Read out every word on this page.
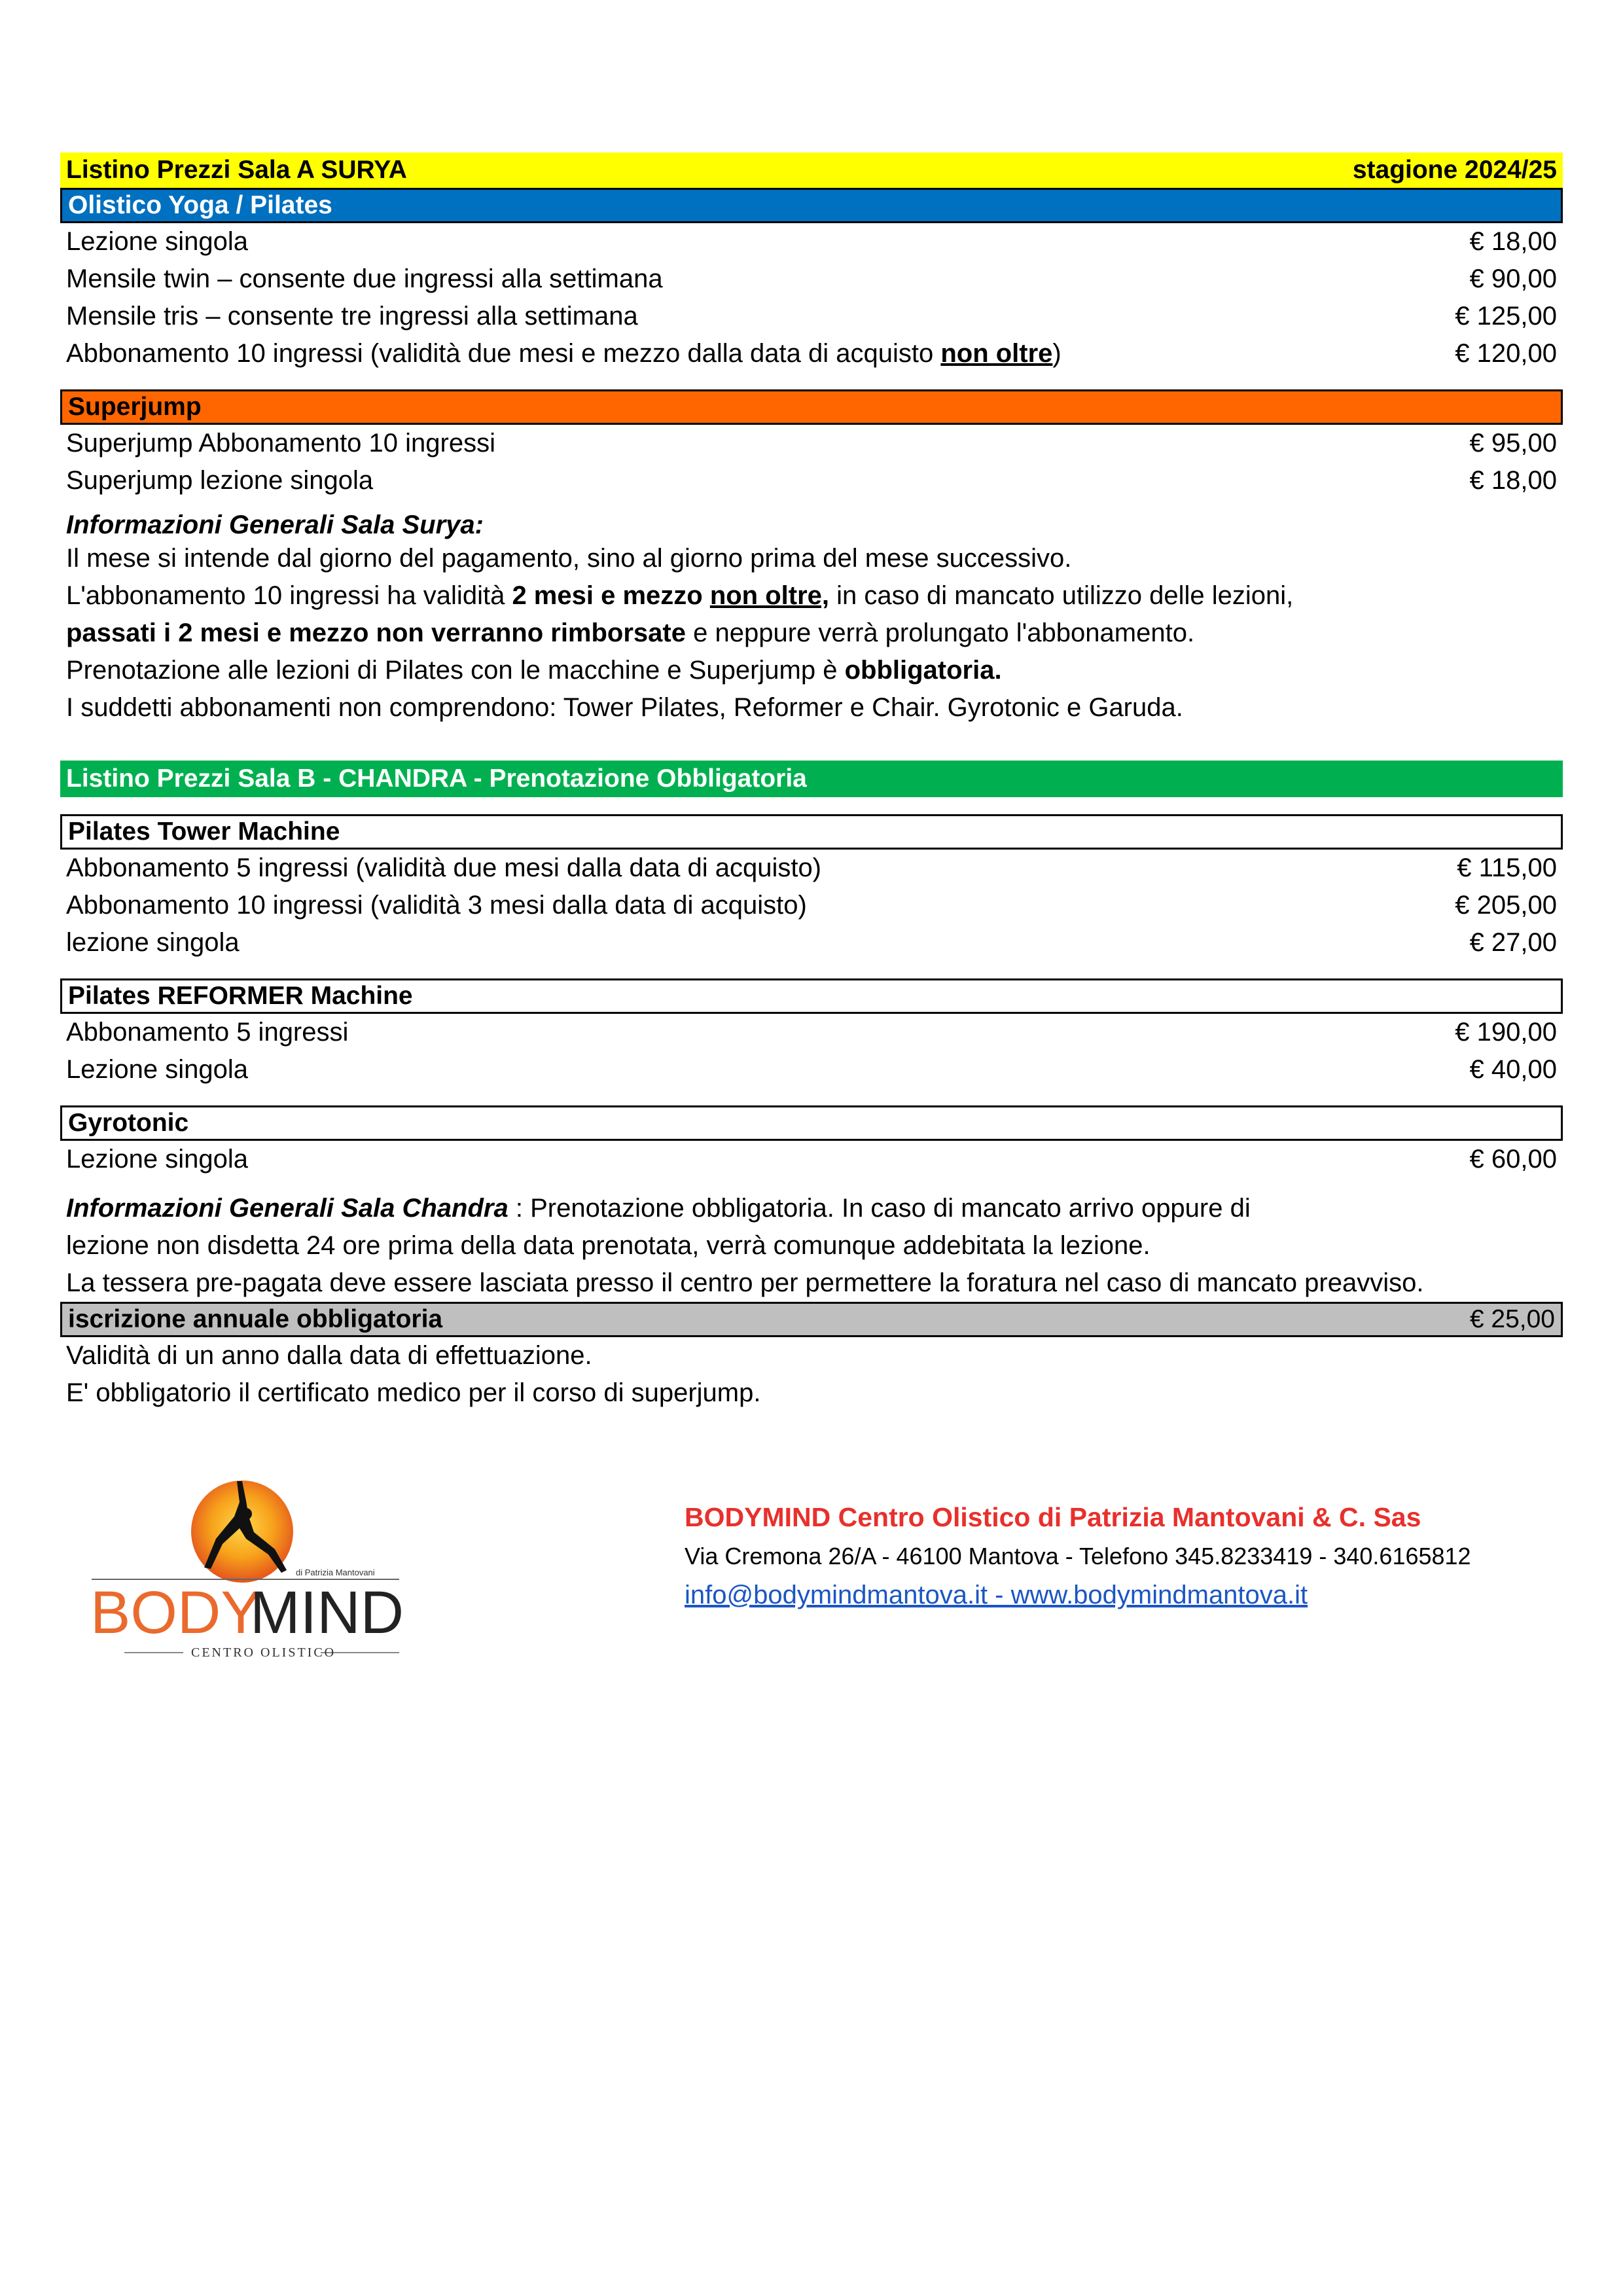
Listino Prezzi Sala A SURYA	stagione 2024/25
Olistico Yoga / Pilates
Lezione singola	€ 18,00
Mensile twin – consente due ingressi alla settimana	€ 90,00
Mensile tris – consente tre ingressi alla settimana	€ 125,00
Abbonamento 10 ingressi (validità due mesi e mezzo dalla data di acquisto non oltre)	€ 120,00
Superjump
Superjump Abbonamento 10 ingressi	€ 95,00
Superjump lezione singola	€ 18,00
Informazioni Generali Sala Surya:
Il mese si intende dal giorno del pagamento, sino al giorno prima del mese successivo.
L'abbonamento 10 ingressi ha validità 2 mesi e mezzo non oltre, in caso di mancato utilizzo delle lezioni,
passati i 2 mesi e mezzo non verranno rimborsate e neppure verrà prolungato l'abbonamento.
Prenotazione alle lezioni di Pilates con le macchine e Superjump è obbligatoria.
I suddetti abbonamenti non comprendono: Tower Pilates, Reformer e Chair. Gyrotonic e Garuda.
Listino Prezzi Sala B - CHANDRA - Prenotazione Obbligatoria
Pilates Tower Machine
Abbonamento 5 ingressi (validità due mesi dalla data di acquisto)	€ 115,00
Abbonamento 10 ingressi (validità 3 mesi dalla data di acquisto)	€ 205,00
lezione singola	€ 27,00
Pilates REFORMER Machine
Abbonamento 5 ingressi	€ 190,00
Lezione singola	€ 40,00
Gyrotonic
Lezione singola	€ 60,00
Informazioni Generali Sala Chandra : Prenotazione obbligatoria. In caso di mancato arrivo oppure di
lezione non disdetta 24 ore prima della data prenotata, verrà comunque addebitata la lezione.
La tessera pre-pagata deve essere lasciata presso il centro per permettere la foratura nel caso di mancato preavviso.
iscrizione annuale obbligatoria	€ 25,00
Validità di un anno dalla data di effettuazione.
E' obbligatorio il certificato medico per il corso di superjump.
di Patrizia Mantovani
BODY
MIND
CENTRO OLISTICO
BODYMIND Centro Olistico di Patrizia Mantovani & C. Sas
Via Cremona 26/A - 46100 Mantova - Telefono 345.8233419 - 340.6165812
info@bodymindmantova.it - www.bodymindmantova.it
